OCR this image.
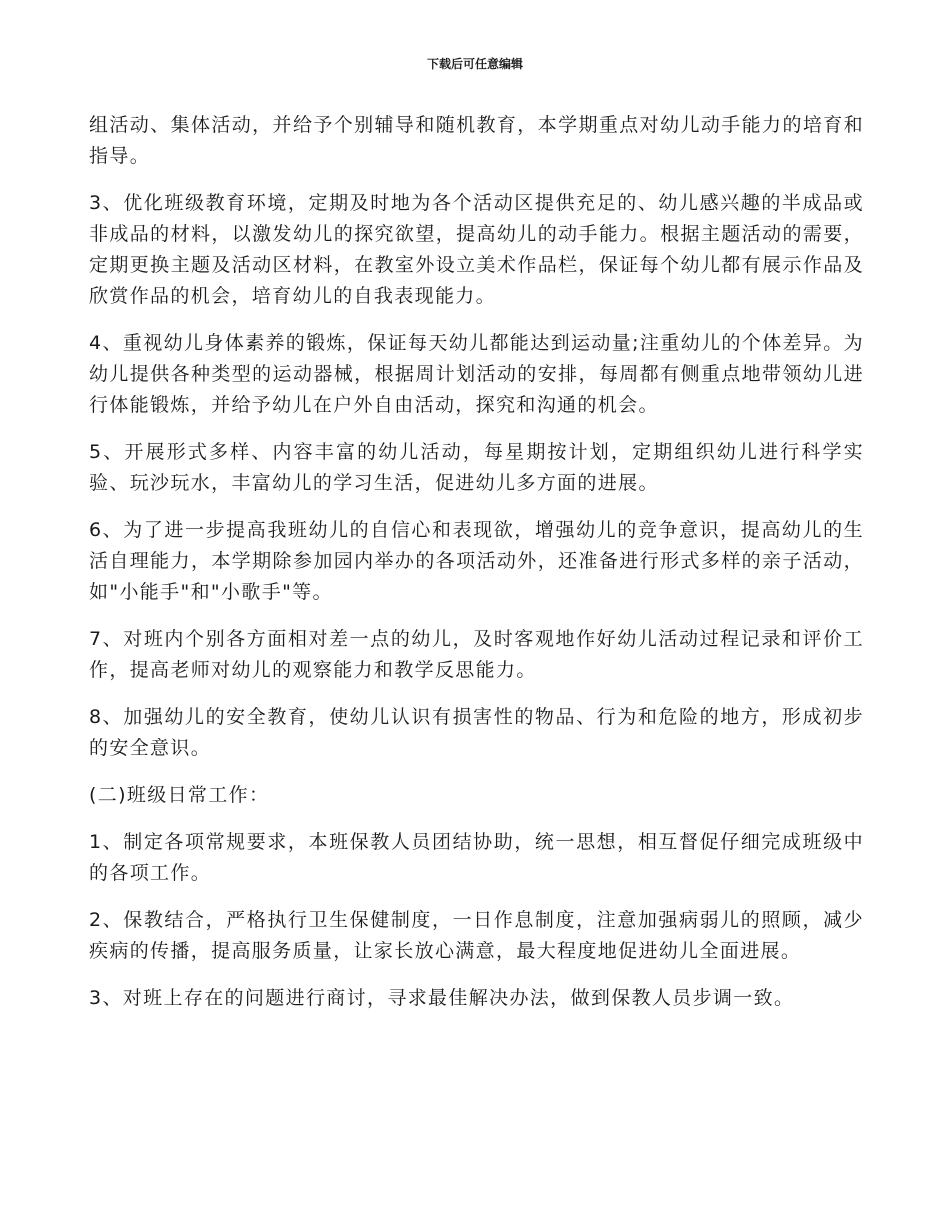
下载后可任意编辑

组活动、集体活动，并给予个别辅导和随机教育，本学期重点对幼儿动手能力的培育和指导。

3、优化班级教育环境，定期及时地为各个活动区提供充足的、幼儿感兴趣的半成品或非成品的材料，以激发幼儿的探究欲望，提高幼儿的动手能力。根据主题活动的需要，定期更换主题及活动区材料，在教室外设立美术作品栏，保证每个幼儿都有展示作品及欣赏作品的机会，培育幼儿的自我表现能力。

4、重视幼儿身体素养的锻炼，保证每天幼儿都能达到运动量;注重幼儿的个体差异。为幼儿提供各种类型的运动器械，根据周计划活动的安排，每周都有侧重点地带领幼儿进行体能锻炼，并给予幼儿在户外自由活动，探究和沟通的机会。

5、开展形式多样、内容丰富的幼儿活动，每星期按计划，定期组织幼儿进行科学实验、玩沙玩水，丰富幼儿的学习生活，促进幼儿多方面的进展。

6、为了进一步提高我班幼儿的自信心和表现欲，增强幼儿的竞争意识，提高幼儿的生活自理能力，本学期除参加园内举办的各项活动外，还准备进行形式多样的亲子活动，如"小能手"和"小歌手"等。

7、对班内个别各方面相对差一点的幼儿，及时客观地作好幼儿活动过程记录和评价工作，提高老师对幼儿的观察能力和教学反思能力。

8、加强幼儿的安全教育，使幼儿认识有损害性的物品、行为和危险的地方，形成初步的安全意识。

(二)班级日常工作：

1、制定各项常规要求，本班保教人员团结协助，统一思想，相互督促仔细完成班级中的各项工作。

2、保教结合，严格执行卫生保健制度，一日作息制度，注意加强病弱儿的照顾，减少疾病的传播，提高服务质量，让家长放心满意，最大程度地促进幼儿全面进展。

3、对班上存在的问题进行商讨，寻求最佳解决办法，做到保教人员步调一致。
